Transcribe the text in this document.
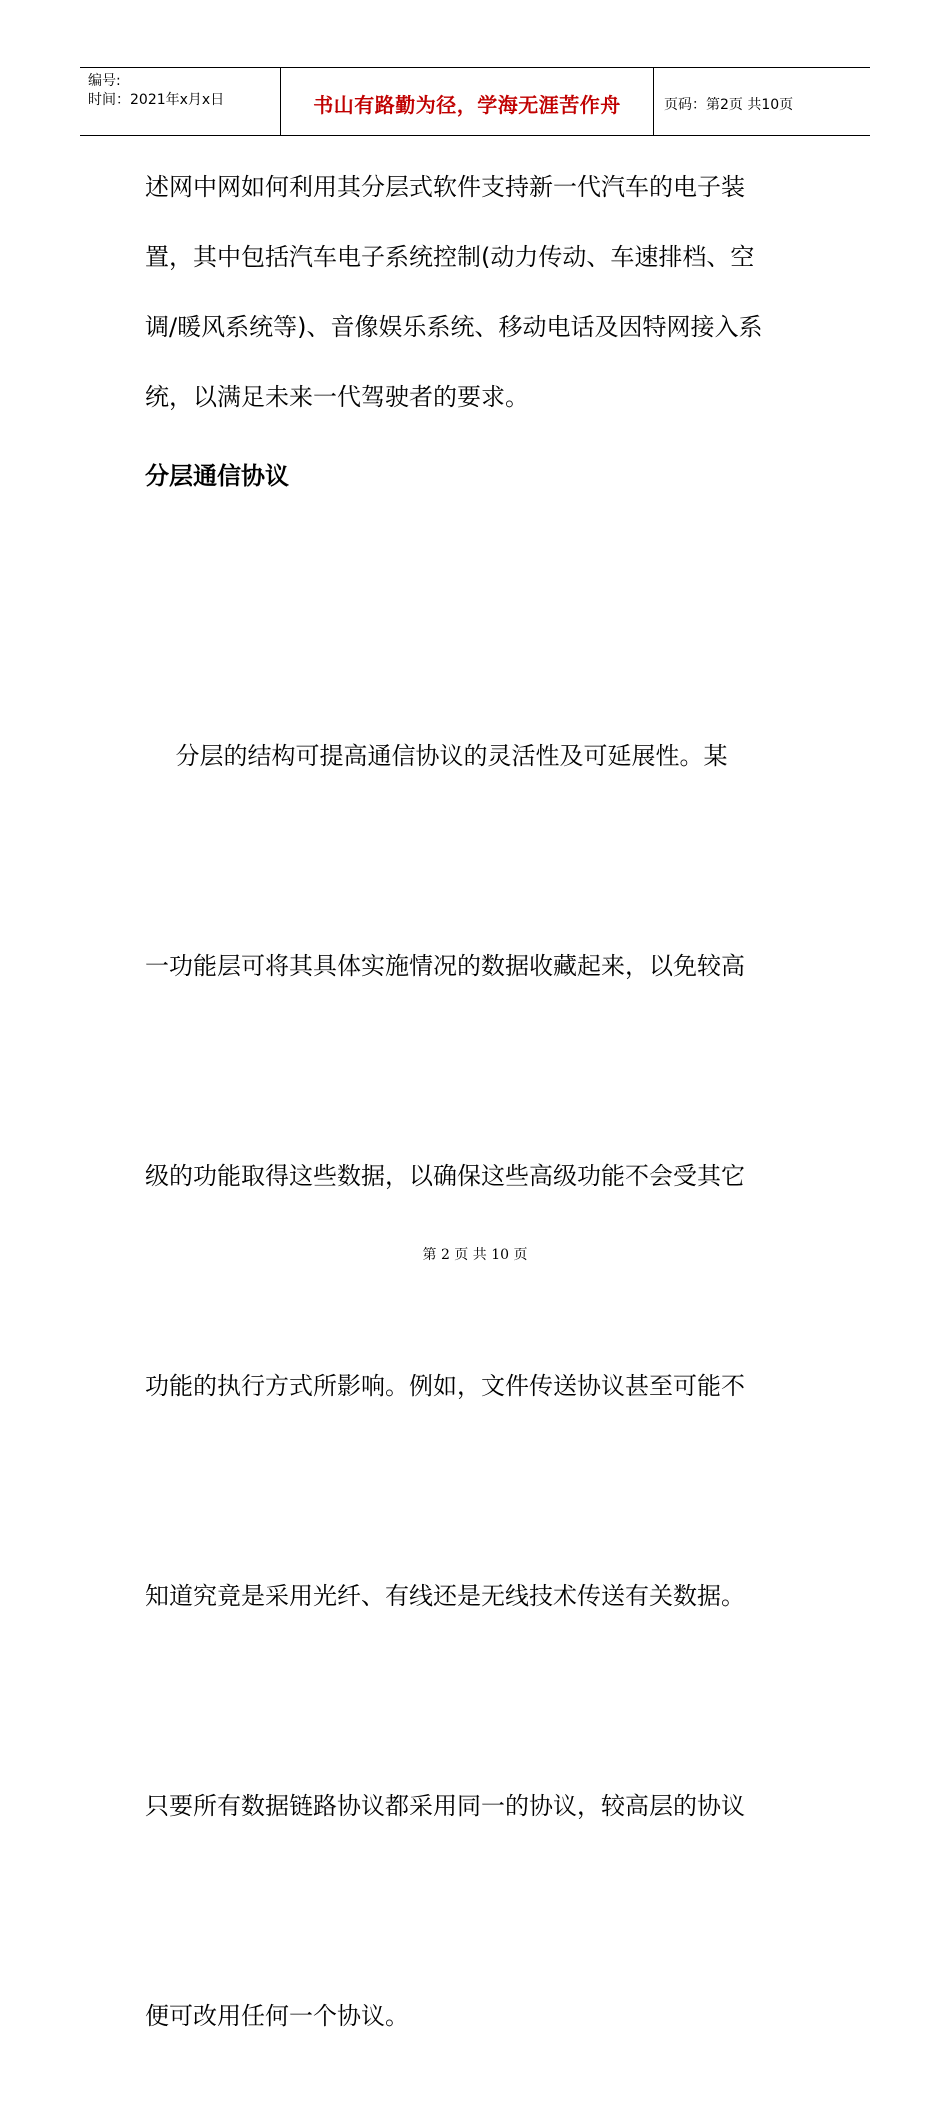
编号:
时间：2021年x月x日	书山有路勤为径，学海无涯苦作舟	页码：第2页 共10页
述网中网如何利用其分层式软件支持新一代汽车的电子装
置，其中包括汽车电子系统控制(动力传动、车速排档、空
调/暖风系统等)、音像娱乐系统、移动电话及因特网接入系
统，以满足未来一代驾驶者的要求。
分层通信协议

分层的结构可提高通信协议的灵活性及可延展性。某

一功能层可将其具体实施情况的数据收藏起来，以免较高

级的功能取得这些数据，以确保这些高级功能不会受其它

功能的执行方式所影响。例如，文件传送协议甚至可能不

知道究竟是采用光纤、有线还是无线技术传送有关数据。

只要所有数据链路协议都采用同一的协议，较高层的协议

便可改用任何一个协议。

第 2 页 共 10 页
